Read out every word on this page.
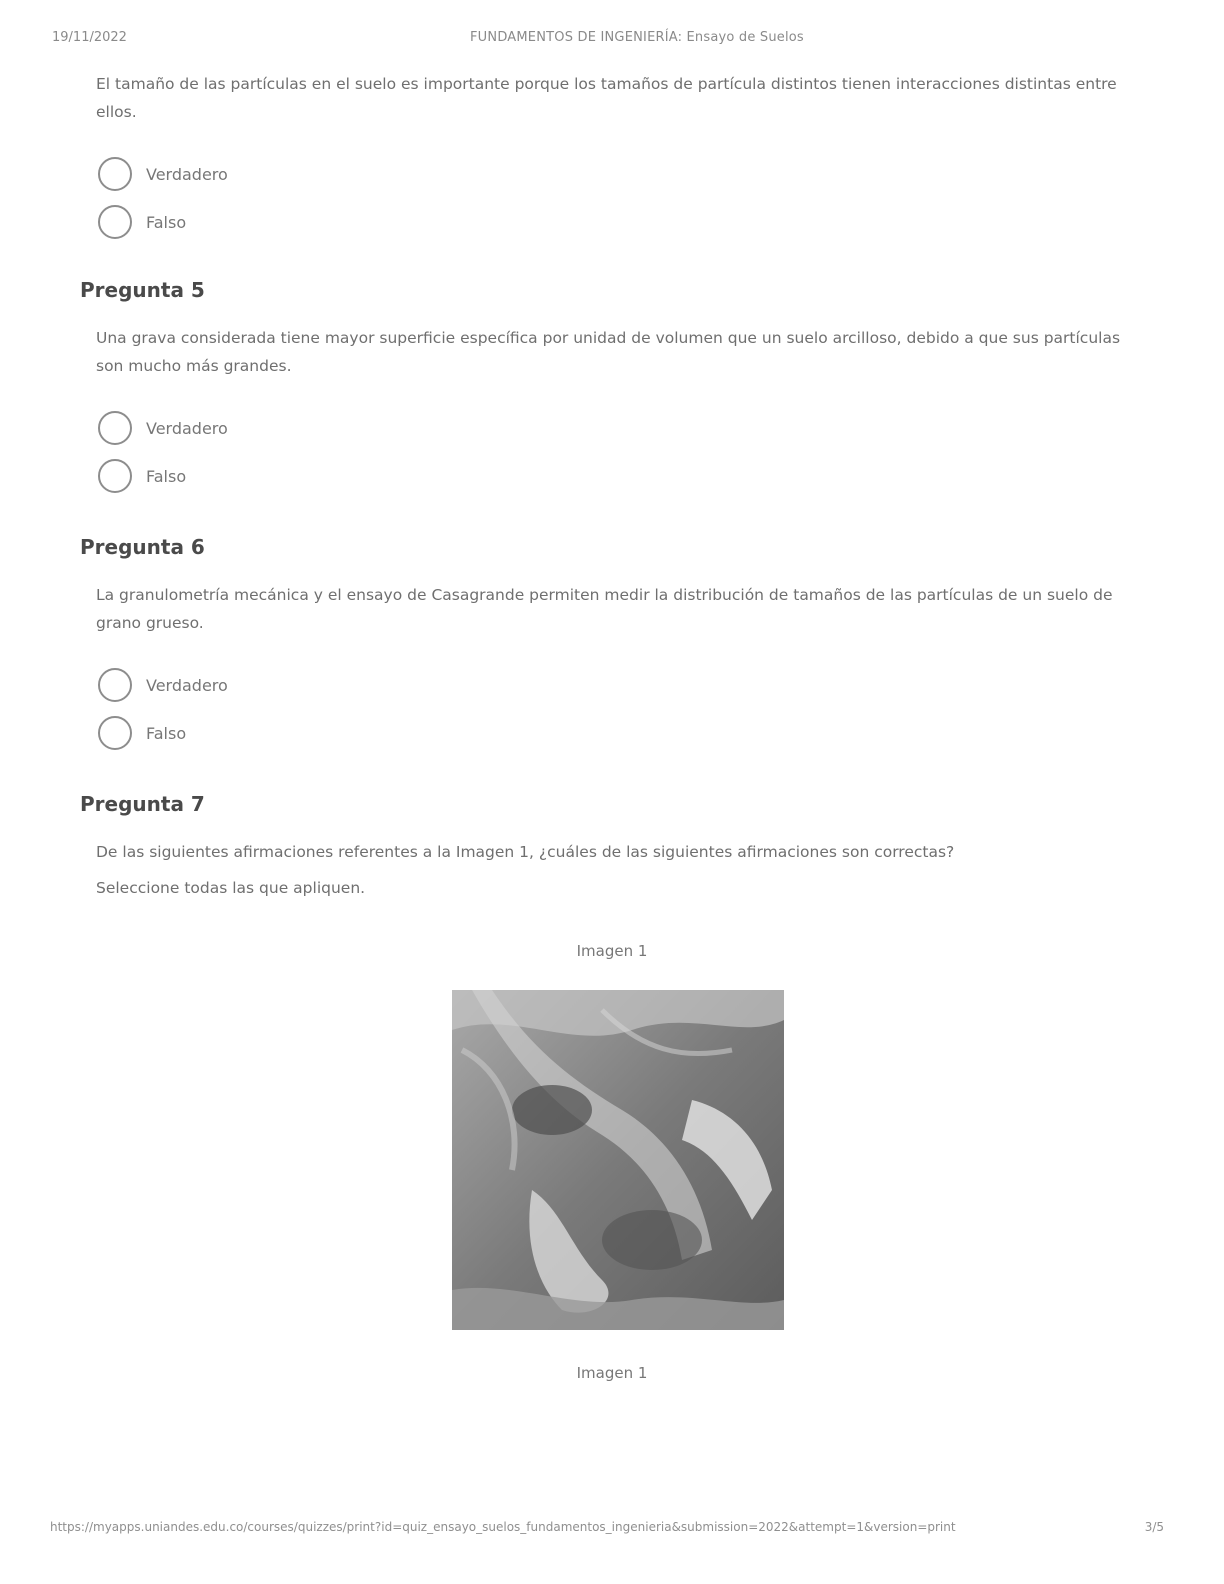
19/11/2022	FUNDAMENTOS DE INGENIERÍA: Ensayo de Suelos
El tamaño de las partículas en el suelo es importante porque los tamaños de partícula distintos tienen interacciones distintas entre ellos.
Verdadero
Falso
Pregunta 5
Una grava considerada tiene mayor superficie específica por unidad de volumen que un suelo arcilloso, debido a que sus partículas son mucho más grandes.
Verdadero
Falso
Pregunta 6
La granulometría mecánica y el ensayo de Casagrande permiten medir la distribución de tamaños de las partículas de un suelo de grano grueso.
Verdadero
Falso
Pregunta 7
De las siguientes afirmaciones referentes a la Imagen 1, ¿cuáles de las siguientes afirmaciones son correctas?
Seleccione todas las que apliquen.
Imagen 1
Imagen 1
https://myapps.uniandes.edu.co/courses/quizzes/print?id=quiz_ensayo_suelos_fundamentos_ingenieria&submission=2022&attempt=1&version=print	3/5
